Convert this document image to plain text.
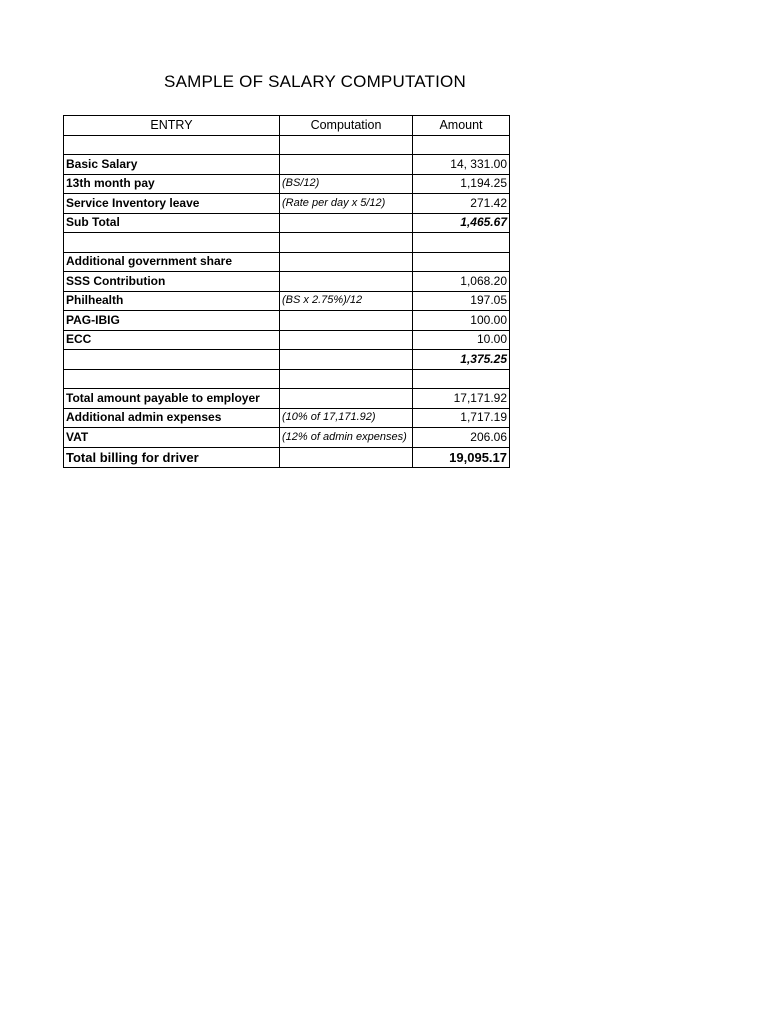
SAMPLE OF SALARY COMPUTATION
ENTRY	Computation	Amount

Basic Salary		14, 331.00
13th month pay	(BS/12)	1,194.25
Service Inventory leave	(Rate per day x 5/12)	271.42
Sub Total		1,465.67

Additional government share		
SSS Contribution		1,068.20
Philhealth	(BS x 2.75%)/12	197.05
PAG-IBIG		100.00
ECC		10.00
		1,375.25

Total amount payable to employer		17,171.92
Additional admin expenses	(10% of 17,171.92)	1,717.19
VAT	(12% of admin expenses)	206.06
Total billing for driver		19,095.17
